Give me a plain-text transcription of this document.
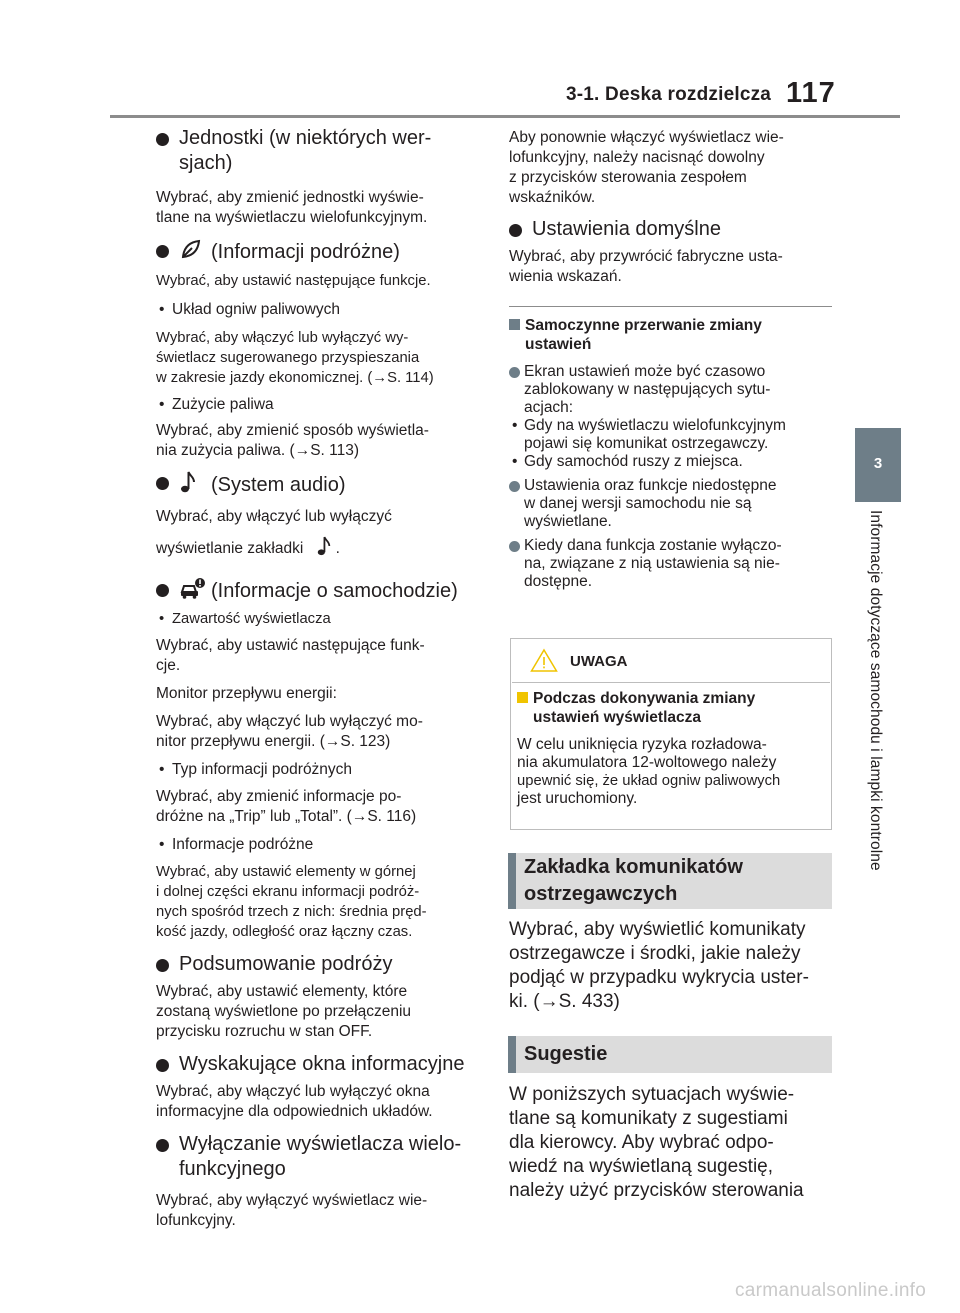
3-1. Deska rozdzielcza 117
3
Informacje dotyczące samochodu i lampki kontrolne
Jednostki (w niektórych wer-
sjach)
Wybrać, aby zmienić jednostki wyświe-
tlane na wyświetlaczu wielofunkcyjnym.
(Informacji podróżne)
Wybrać, aby ustawić następujące funkcje.
• Układ ogniw paliwowych
Wybrać, aby włączyć lub wyłączyć wy-
świetlacz sugerowanego przyspieszania
w zakresie jazdy ekonomicznej. (→S. 114)
• Zużycie paliwa
Wybrać, aby zmienić sposób wyświetla-
nia zużycia paliwa. (→S. 113)
(System audio)
Wybrać, aby włączyć lub wyłączyć
wyświetlanie zakładki .
(Informacje o samochodzie)
• Zawartość wyświetlacza
Wybrać, aby ustawić następujące funk-
cje.
Monitor przepływu energii:
Wybrać, aby włączyć lub wyłączyć mo-
nitor przepływu energii. (→S. 123)
• Typ informacji podróżnych
Wybrać, aby zmienić informacje po-
dróżne na „Trip” lub „Total”. (→S. 116)
• Informacje podróżne
Wybrać, aby ustawić elementy w górnej
i dolnej części ekranu informacji podróż-
nych spośród trzech z nich: średnia pręd-
kość jazdy, odległość oraz łączny czas.
Podsumowanie podróży
Wybrać, aby ustawić elementy, które
zostaną wyświetlone po przełączeniu
przycisku rozruchu w stan OFF.
Wyskakujące okna informacyjne
Wybrać, aby włączyć lub wyłączyć okna
informacyjne dla odpowiednich układów.
Wyłączanie wyświetlacza wielo-
funkcyjnego
Wybrać, aby wyłączyć wyświetlacz wie-
lofunkcyjny.
Aby ponownie włączyć wyświetlacz wie-
lofunkcyjny, należy nacisnąć dowolny
z przycisków sterowania zespołem
wskaźników.
Ustawienia domyślne
Wybrać, aby przywrócić fabryczne usta-
wienia wskazań.
Samoczynne przerwanie zmiany
ustawień
Ekran ustawień może być czasowo
zablokowany w następujących sytu-
acjach:
• Gdy na wyświetlaczu wielofunkcyjnym
pojawi się komunikat ostrzegawczy.
• Gdy samochód ruszy z miejsca.
Ustawienia oraz funkcje niedostępne
w danej wersji samochodu nie są
wyświetlane.
Kiedy dana funkcja zostanie wyłączo-
na, związane z nią ustawienia są nie-
dostępne.
UWAGA
Podczas dokonywania zmiany
ustawień wyświetlacza
W celu uniknięcia ryzyka rozładowa-
nia akumulatora 12-woltowego należy
upewnić się, że układ ogniw paliwowych
jest uruchomiony.
Zakładka komunikatów
ostrzegawczych
Wybrać, aby wyświetlić komunikaty
ostrzegawcze i środki, jakie należy
podjąć w przypadku wykrycia uster-
ki. (→S. 433)
Sugestie
W poniższych sytuacjach wyświe-
tlane są komunikaty z sugestiami
dla kierowcy. Aby wybrać odpo-
wiedź na wyświetlaną sugestię,
należy użyć przycisków sterowania
carmanualsonline.info
